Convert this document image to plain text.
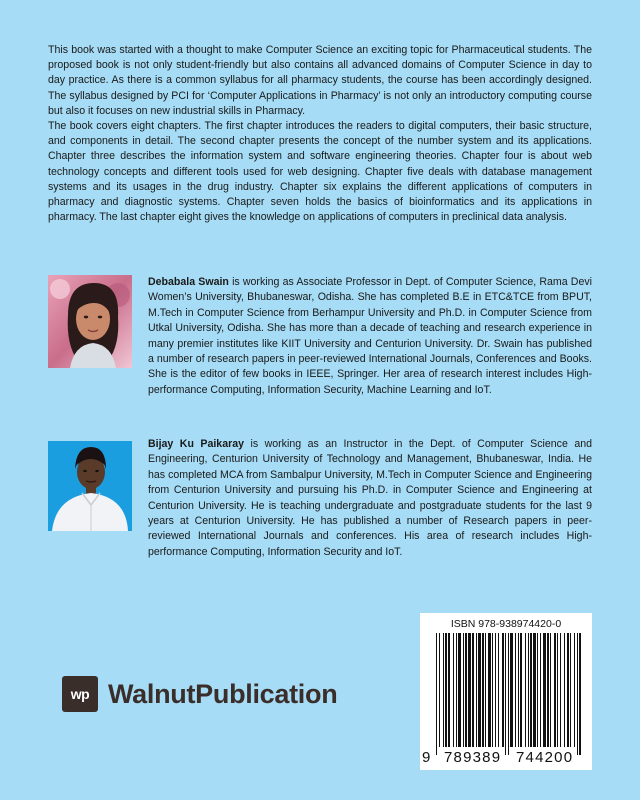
This book was started with a thought to make Computer Science an exciting topic for Pharmaceutical students. The proposed book is not only student-friendly but also contains all advanced domains of Computer Science in day to day practice. As there is a common syllabus for all pharmacy students, the course has been accordingly designed. The syllabus designed by PCI for ‘Computer Applications in Pharmacy’ is not only an introductory computing course but also it focuses on new industrial skills in Pharmacy.

The book covers eight chapters. The first chapter introduces the readers to digital computers, their basic structure, and components in detail. The second chapter presents the concept of the number system and its applications. Chapter three describes the information system and software engineering theories. Chapter four is about web technology concepts and different tools used for web designing. Chapter five deals with database management systems and its usages in the drug industry. Chapter six explains the different applications of computers in pharmacy and diagnostic systems. Chapter seven holds the basics of bioinformatics and its applications in pharmacy. The last chapter eight gives the knowledge on applications of computers in preclinical data analysis.

Debabala Swain is working as Associate Professor in Dept. of Computer Science, Rama Devi Women’s University, Bhubaneswar, Odisha. She has completed B.E in ETC&TCE from BPUT, M.Tech in Computer Science from Berhampur University and Ph.D. in Computer Science from Utkal University, Odisha. She has more than a decade of teaching and research experience in many premier institutes like KIIT University and Centurion University. Dr. Swain has published a number of research papers in peer-reviewed International Journals, Conferences and Books. She is the editor of few books in IEEE, Springer. Her area of research interest includes High-performance Computing, Information Security, Machine Learning and IoT.

Bijay Ku Paikaray is working as an Instructor in the Dept. of Computer Science and Engineering, Centurion University of Technology and Management, Bhubaneswar, India. He has completed MCA from Sambalpur University, M.Tech in Computer Science and Engineering from Centurion University and pursuing his Ph.D. in Computer Science and Engineering at Centurion University. He is teaching undergraduate and postgraduate students for the last 9 years at Centurion University. He has published a number of Research papers in peer-reviewed International Journals and conferences. His area of research includes High-performance Computing, Information Security and IoT.

wp WalnutPublication
ISBN 978-938974420-0
9 789389 744200
